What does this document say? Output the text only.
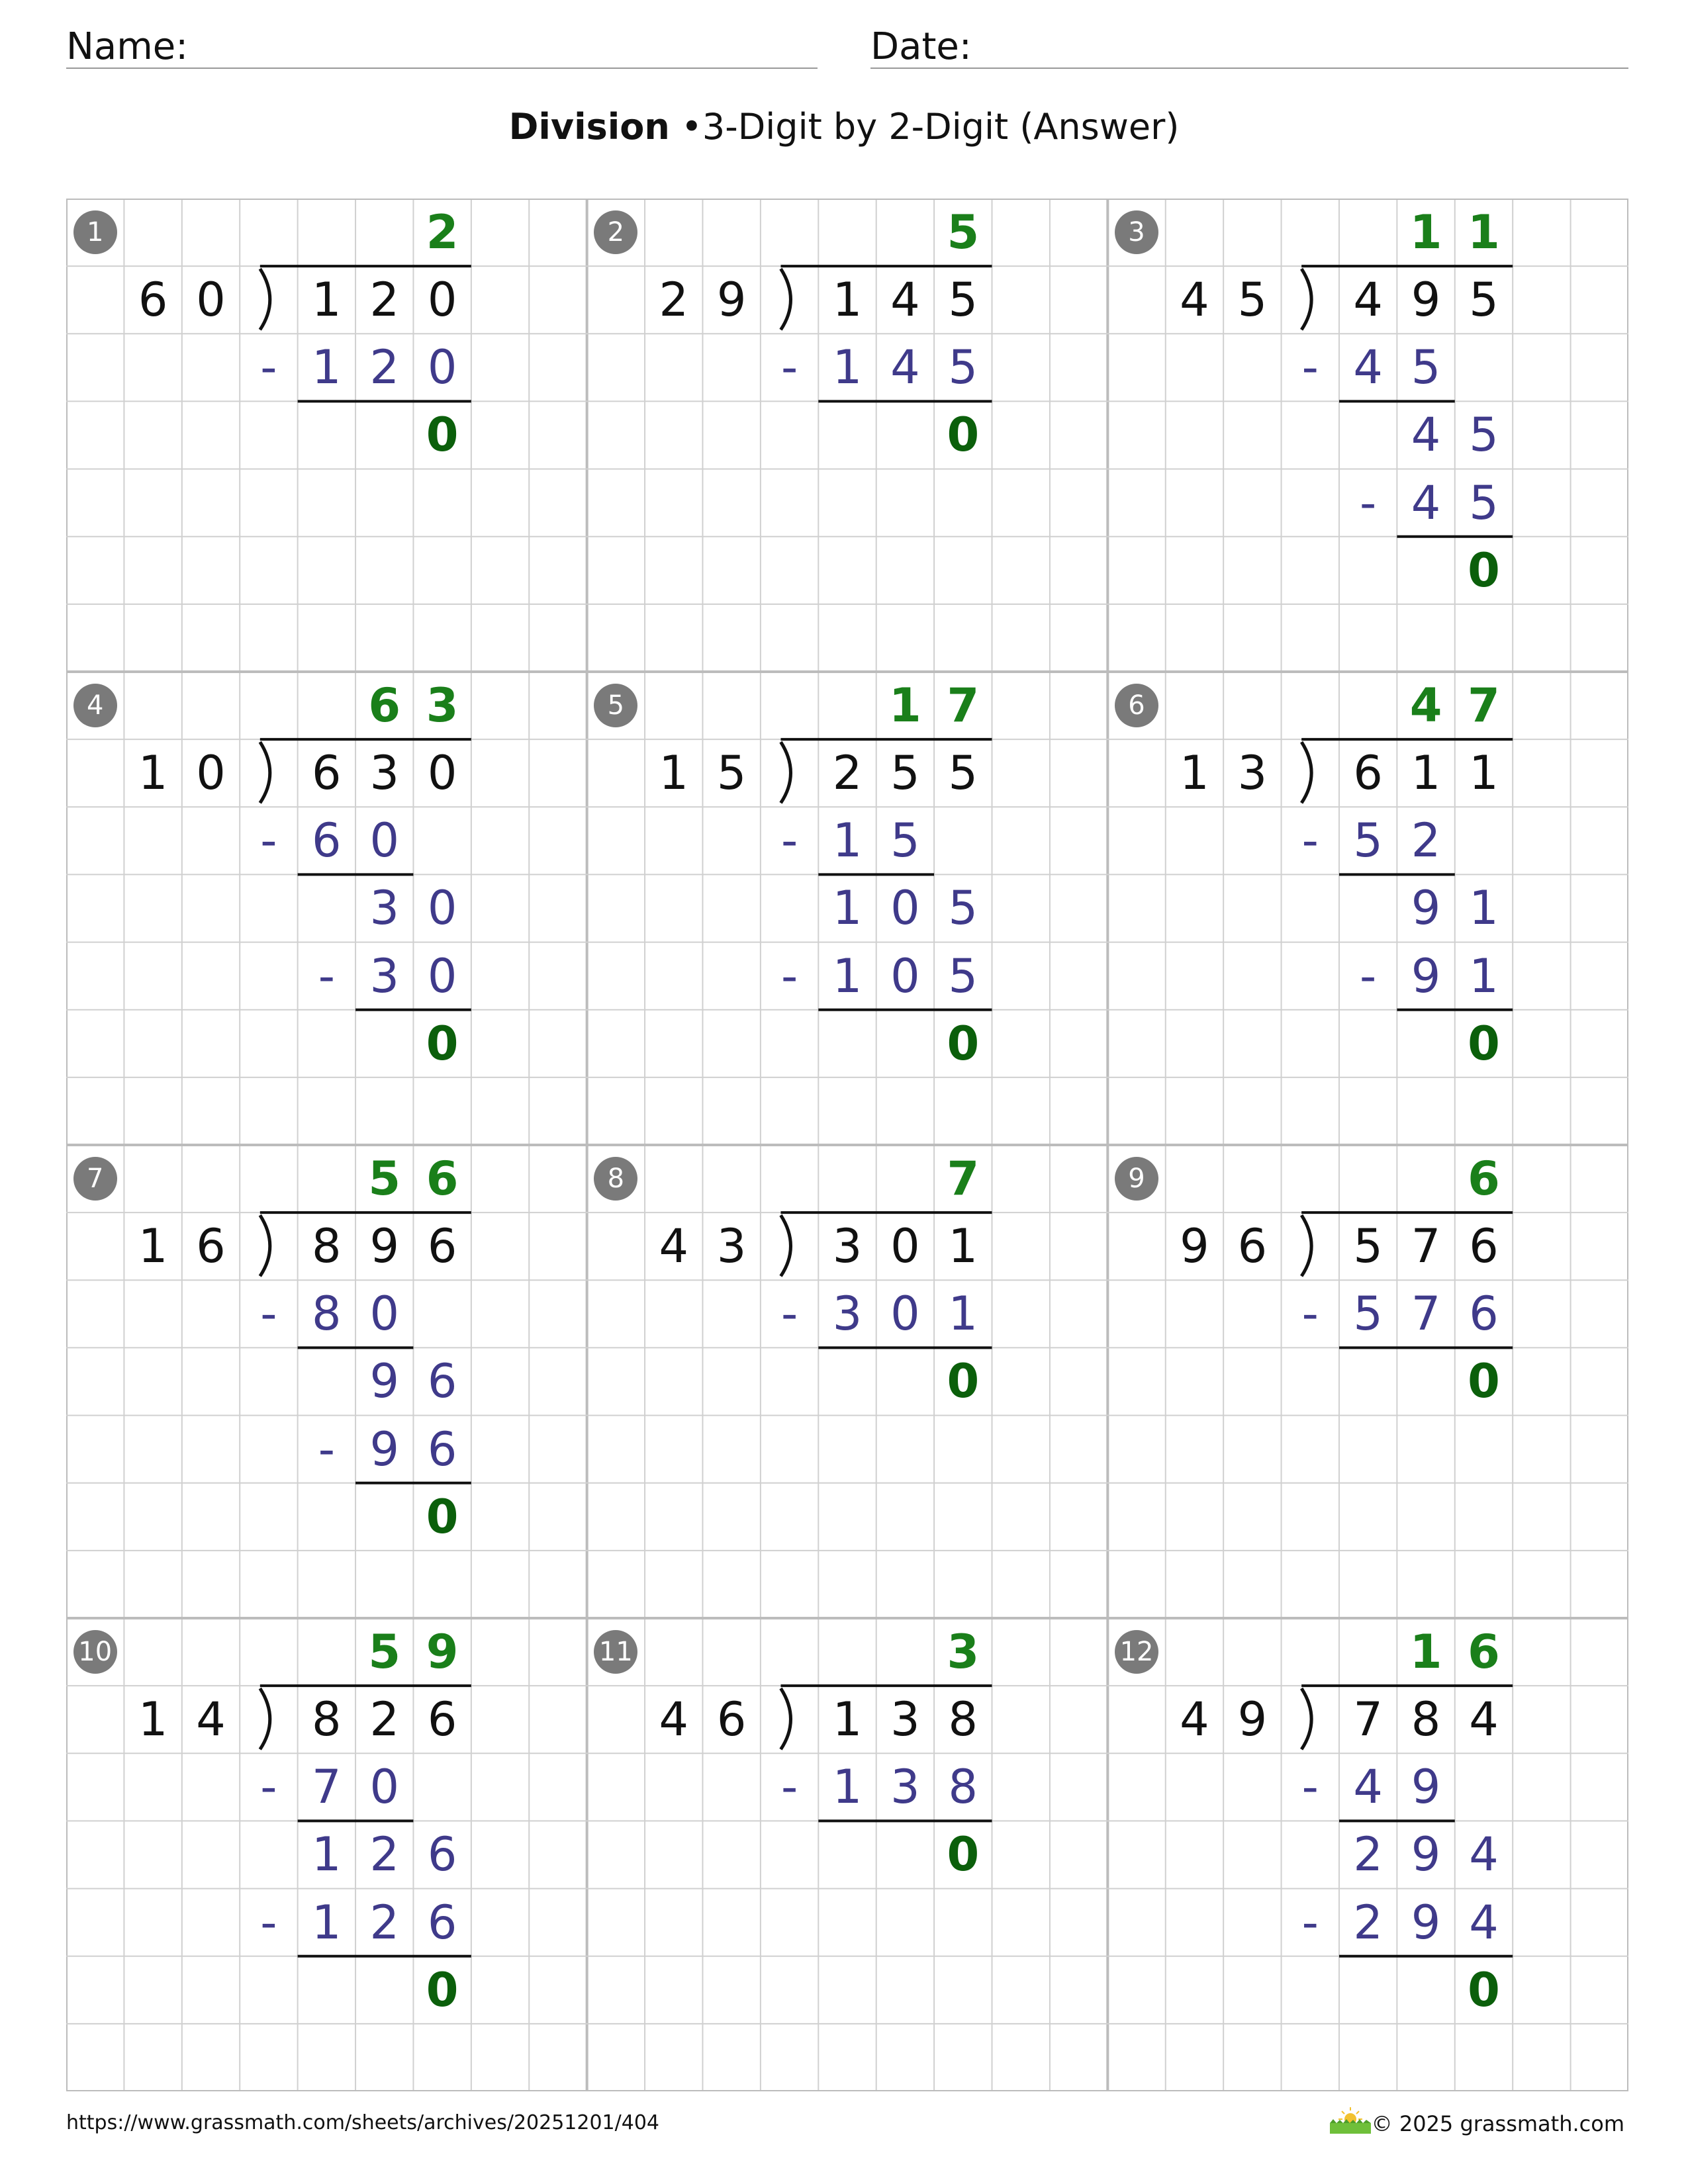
Name:	Date:
Division •3-Digit by 2-Digit (Answer)
1
6 0	1 2 0
2
- 1 2 0
0
2
2 9	1 4 5
5
- 1 4 5
0
3
4 5	4 9 5
1 1
- 4 5
4 5
- 4 5
0
4
1 0	6 3 0
6 3
- 6 0
3 0
- 3 0
0
5
1 5	2 5 5
1 7
- 1 5
1 0 5
- 1 0 5
0
6
1 3	6 1 1
4 7
- 5 2
9 1
- 9 1
0
7
1 6	8 9 6
5 6
- 8 0
9 6
- 9 6
0
8
4 3	3 0 1
7
- 3 0 1
0
9
9 6	5 7 6
6
- 5 7 6
0
10
1 4	8 2 6
5 9
- 7 0
1 2 6
- 1 2 6
0
11
4 6	1 3 8
3
- 1 3 8
0
12
4 9	7 8 4
1 6
- 4 9
2 9 4
- 2 9 4
0
https://www.grassmath.com/sheets/archives/20251201/404	© 2025 grassmath.com
